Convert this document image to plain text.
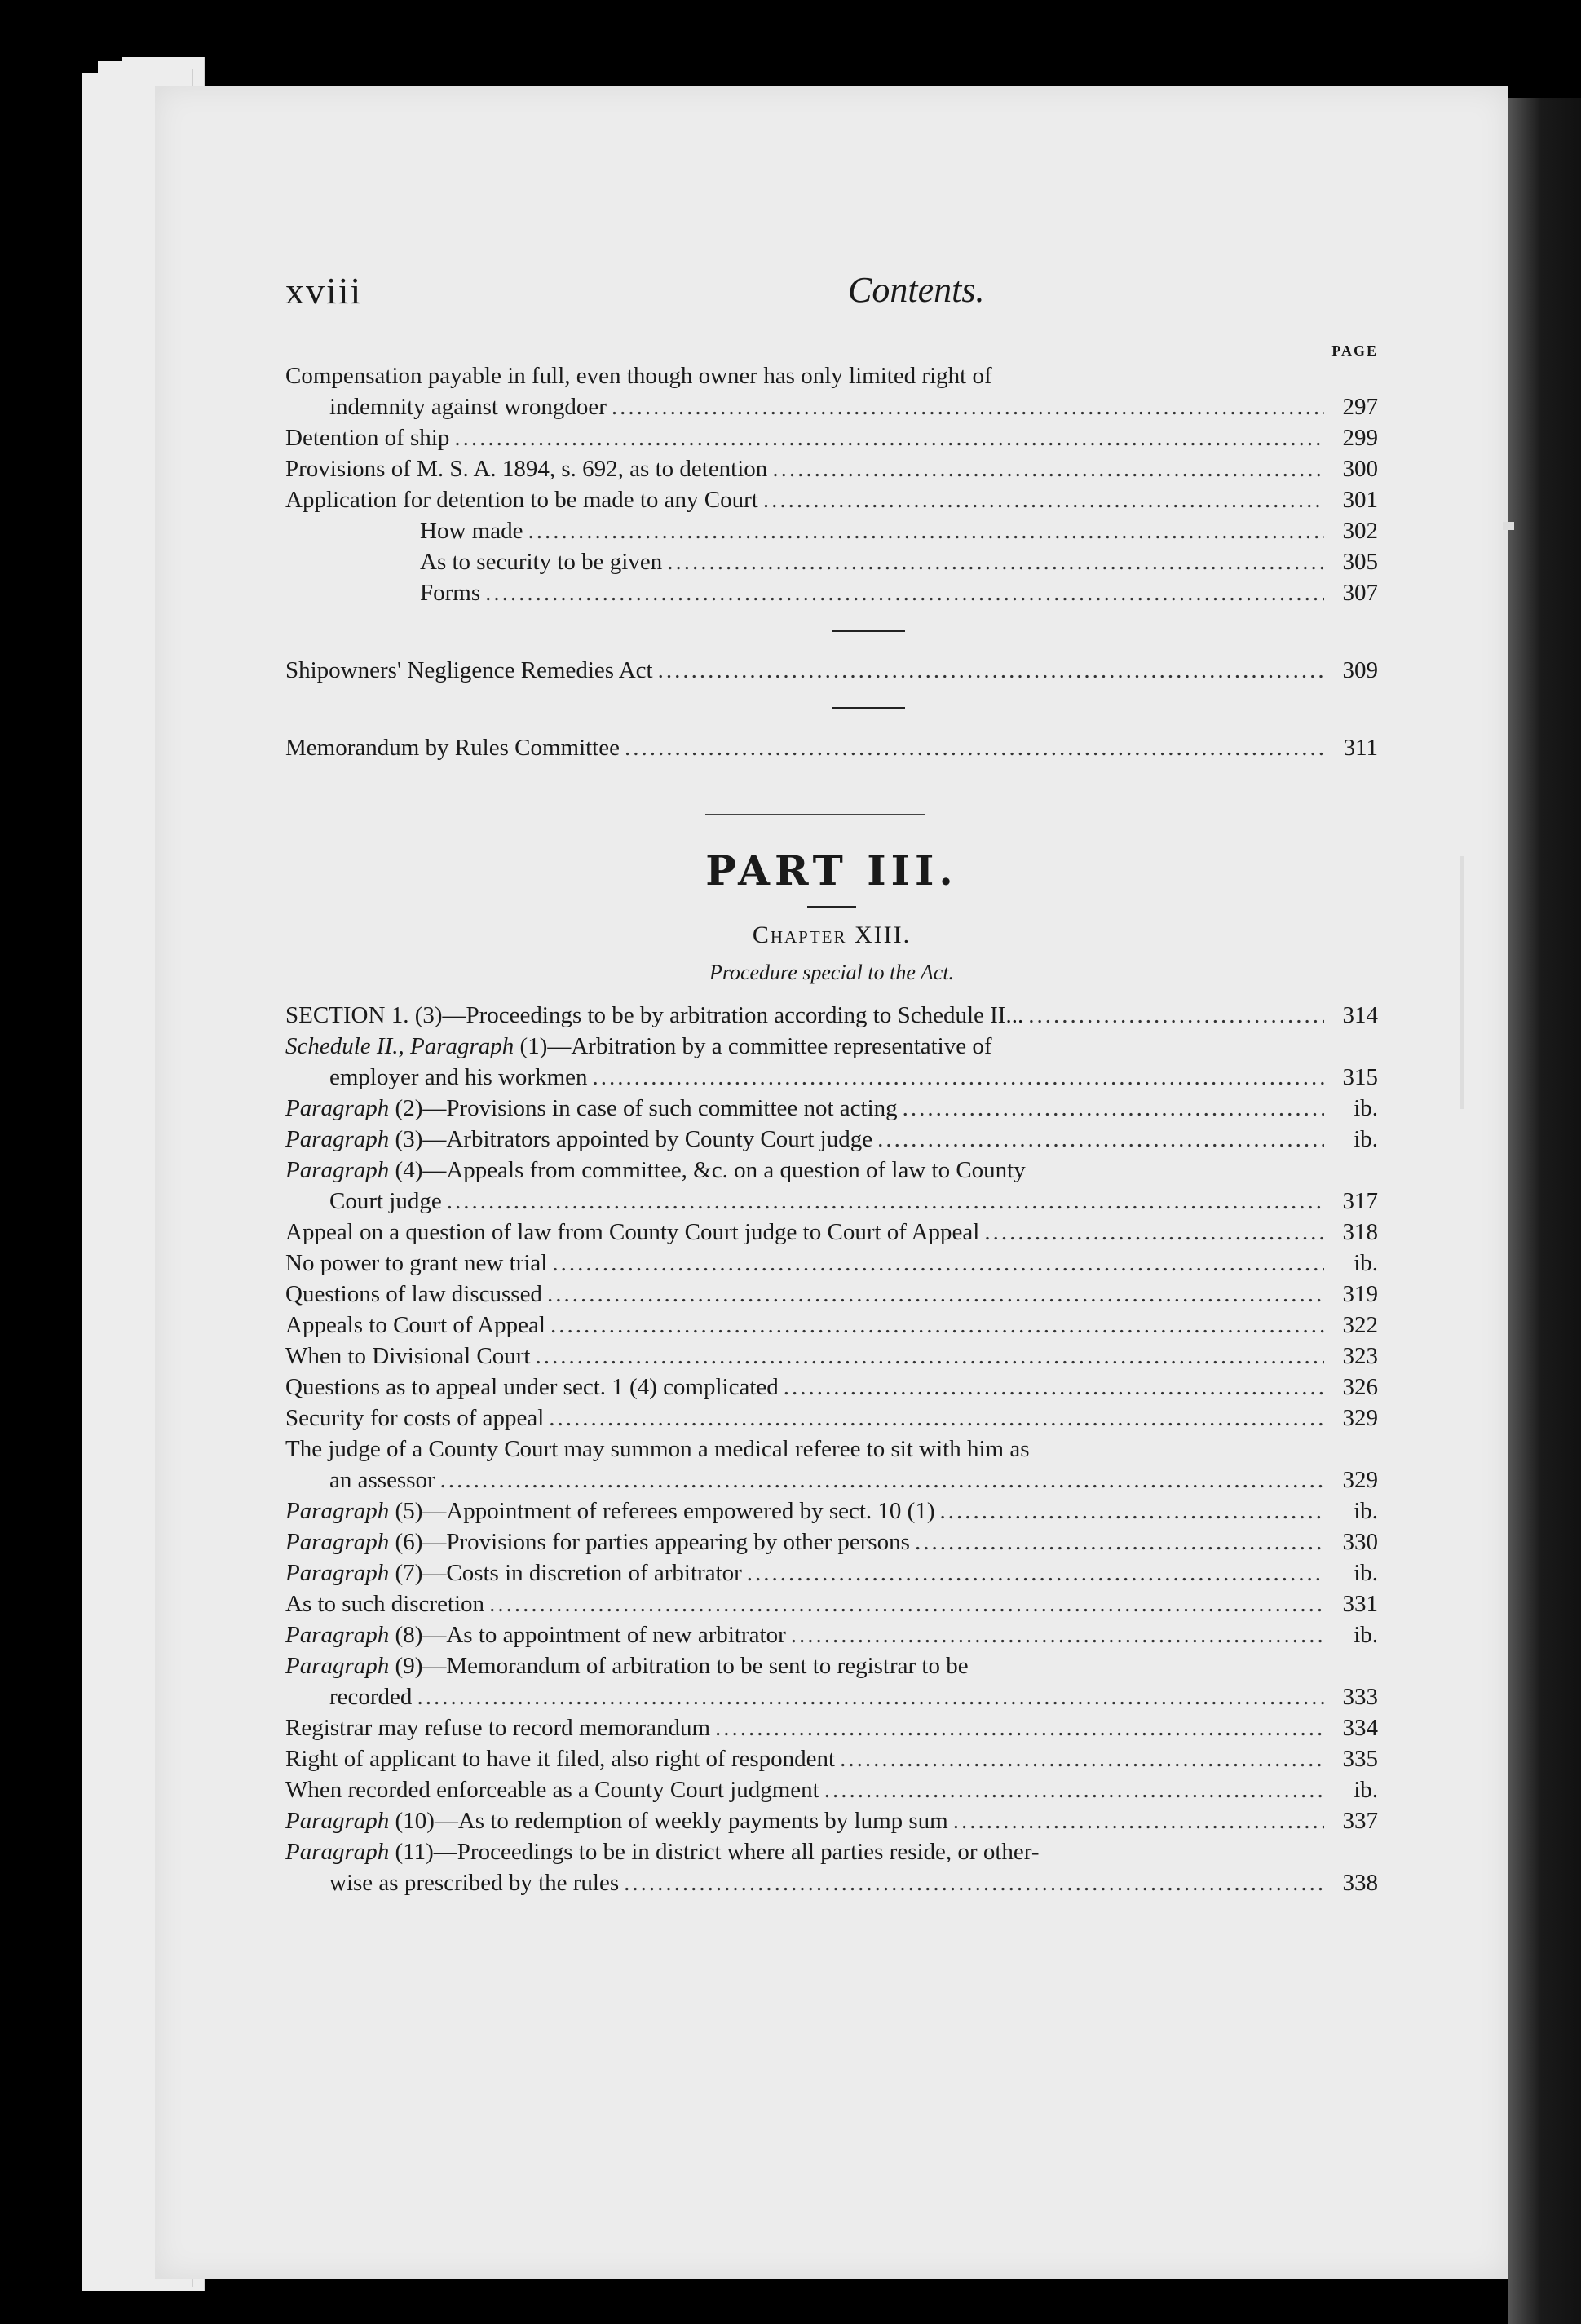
xviii	Contents.
PAGE
Compensation payable in full, even though owner has only limited right of
indemnity against wrongdoer .....	297
Detention of ship .....	299
Provisions of M. S. A. 1894, s. 692, as to detention .....	300
Application for detention to be made to any Court .....	301
How made .....	302
As to security to be given .....	305
Forms .....	307
Shipowners' Negligence Remedies Act .....	309
Memorandum by Rules Committee .....	311
PART III.
Chapter XIII.
Procedure special to the Act.
SECTION 1. (3)—Proceedings to be by arbitration according to Schedule II... .....	314
Schedule II., Paragraph (1)—Arbitration by a committee representative of
employer and his workmen .....	315
Paragraph (2)—Provisions in case of such committee not acting .....	ib.
Paragraph (3)—Arbitrators appointed by County Court judge .....	ib.
Paragraph (4)—Appeals from committee, &c. on a question of law to County
Court judge .....	317
Appeal on a question of law from County Court judge to Court of Appeal .....	318
No power to grant new trial .....	ib.
Questions of law discussed .....	319
Appeals to Court of Appeal .....	322
When to Divisional Court .....	323
Questions as to appeal under sect. 1 (4) complicated .....	326
Security for costs of appeal .....	329
The judge of a County Court may summon a medical referee to sit with him as
an assessor .....	329
Paragraph (5)—Appointment of referees empowered by sect. 10 (1) .....	ib.
Paragraph (6)—Provisions for parties appearing by other persons .....	330
Paragraph (7)—Costs in discretion of arbitrator .....	ib.
As to such discretion .....	331
Paragraph (8)—As to appointment of new arbitrator .....	ib.
Paragraph (9)—Memorandum of arbitration to be sent to registrar to be
recorded .....	333
Registrar may refuse to record memorandum .....	334
Right of applicant to have it filed, also right of respondent .....	335
When recorded enforceable as a County Court judgment .....	ib.
Paragraph (10)—As to redemption of weekly payments by lump sum .....	337
Paragraph (11)—Proceedings to be in district where all parties reside, or other-
wise as prescribed by the rules .....	338
